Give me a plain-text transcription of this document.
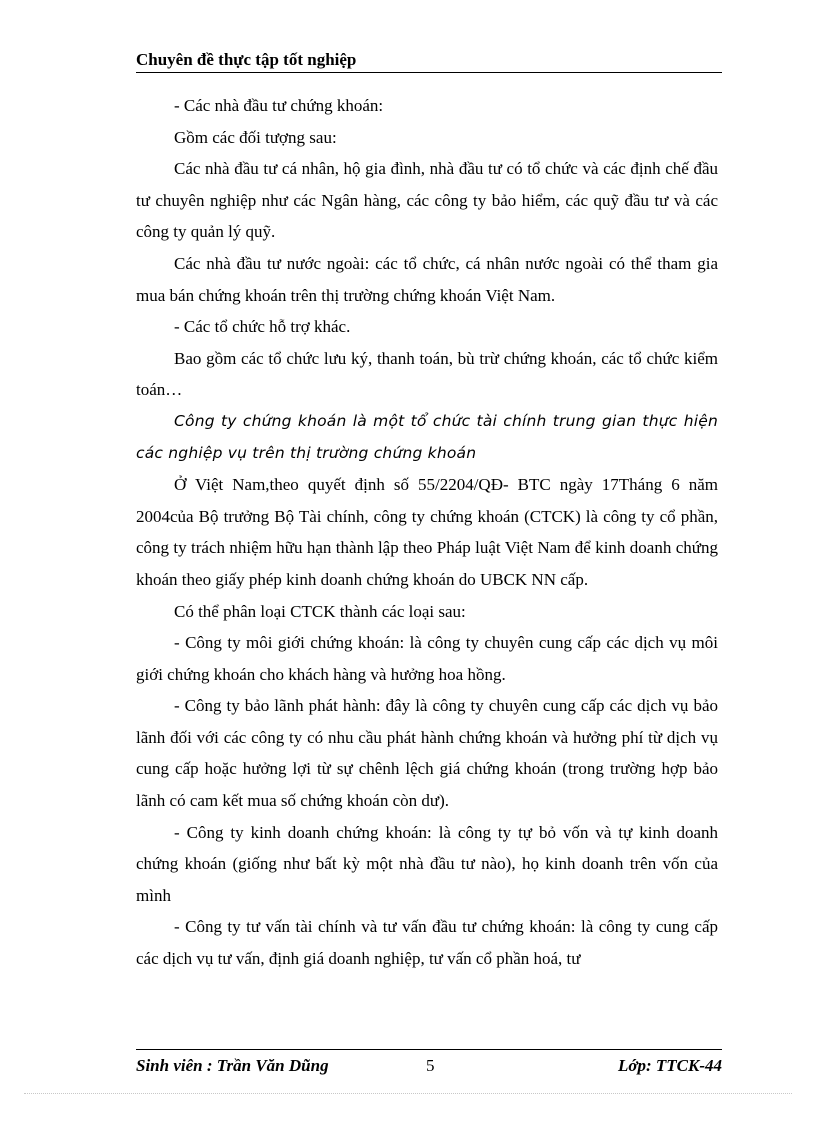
Chuyên đề thực tập tốt nghiệp

- Các nhà đầu tư chứng khoán:

Gồm các đối tượng sau:

Các nhà đầu tư cá nhân, hộ gia đình, nhà đầu tư có tổ chức và các định chế đầu tư chuyên nghiệp như các Ngân hàng, các công ty bảo hiểm, các quỹ đầu tư và các công ty quản lý quỹ.

Các nhà đầu tư nước ngoài: các tổ chức, cá nhân nước ngoài có thể tham gia mua bán chứng khoán trên thị trường chứng khoán Việt Nam.

- Các tổ chức hỗ trợ khác.

Bao gồm các tổ chức lưu ký, thanh toán, bù trừ chứng khoán, các tổ chức kiểm toán…

Công ty chứng khoán là một tổ chức tài chính trung gian thực hiện các nghiệp vụ trên thị trường chứng khoán

Ở Việt Nam,theo quyết định số 55/2204/QĐ- BTC ngày 17Tháng 6 năm 2004của Bộ trưởng Bộ Tài chính, công ty chứng khoán (CTCK) là công ty cổ phần, công ty trách nhiệm hữu hạn thành lập theo Pháp luật Việt Nam để kinh doanh chứng khoán theo giấy phép kinh doanh chứng khoán do UBCK NN cấp.

Có thể phân loại CTCK thành các loại sau:

- Công ty môi giới chứng khoán: là công ty chuyên cung cấp các dịch vụ môi giới chứng khoán cho khách hàng và hưởng hoa hồng.

- Công ty bảo lãnh phát hành: đây là công ty chuyên cung cấp các dịch vụ bảo lãnh đối với các công ty có nhu cầu phát hành chứng khoán và hưởng phí từ dịch vụ cung cấp hoặc hưởng lợi từ sự chênh lệch giá chứng khoán (trong trường hợp bảo lãnh có cam kết mua số chứng khoán còn dư).

- Công ty kinh doanh chứng khoán: là công ty tự bỏ vốn và tự kinh doanh chứng khoán (giống như bất kỳ một nhà đầu tư nào), họ kinh doanh trên vốn của mình

- Công ty tư vấn tài chính và tư vấn đầu tư chứng khoán: là công ty cung cấp các dịch vụ tư vấn, định giá doanh nghiệp, tư vấn cổ phần hoá, tư

Sinh viên : Trần Văn Dũng	5	Lớp: TTCK-44
